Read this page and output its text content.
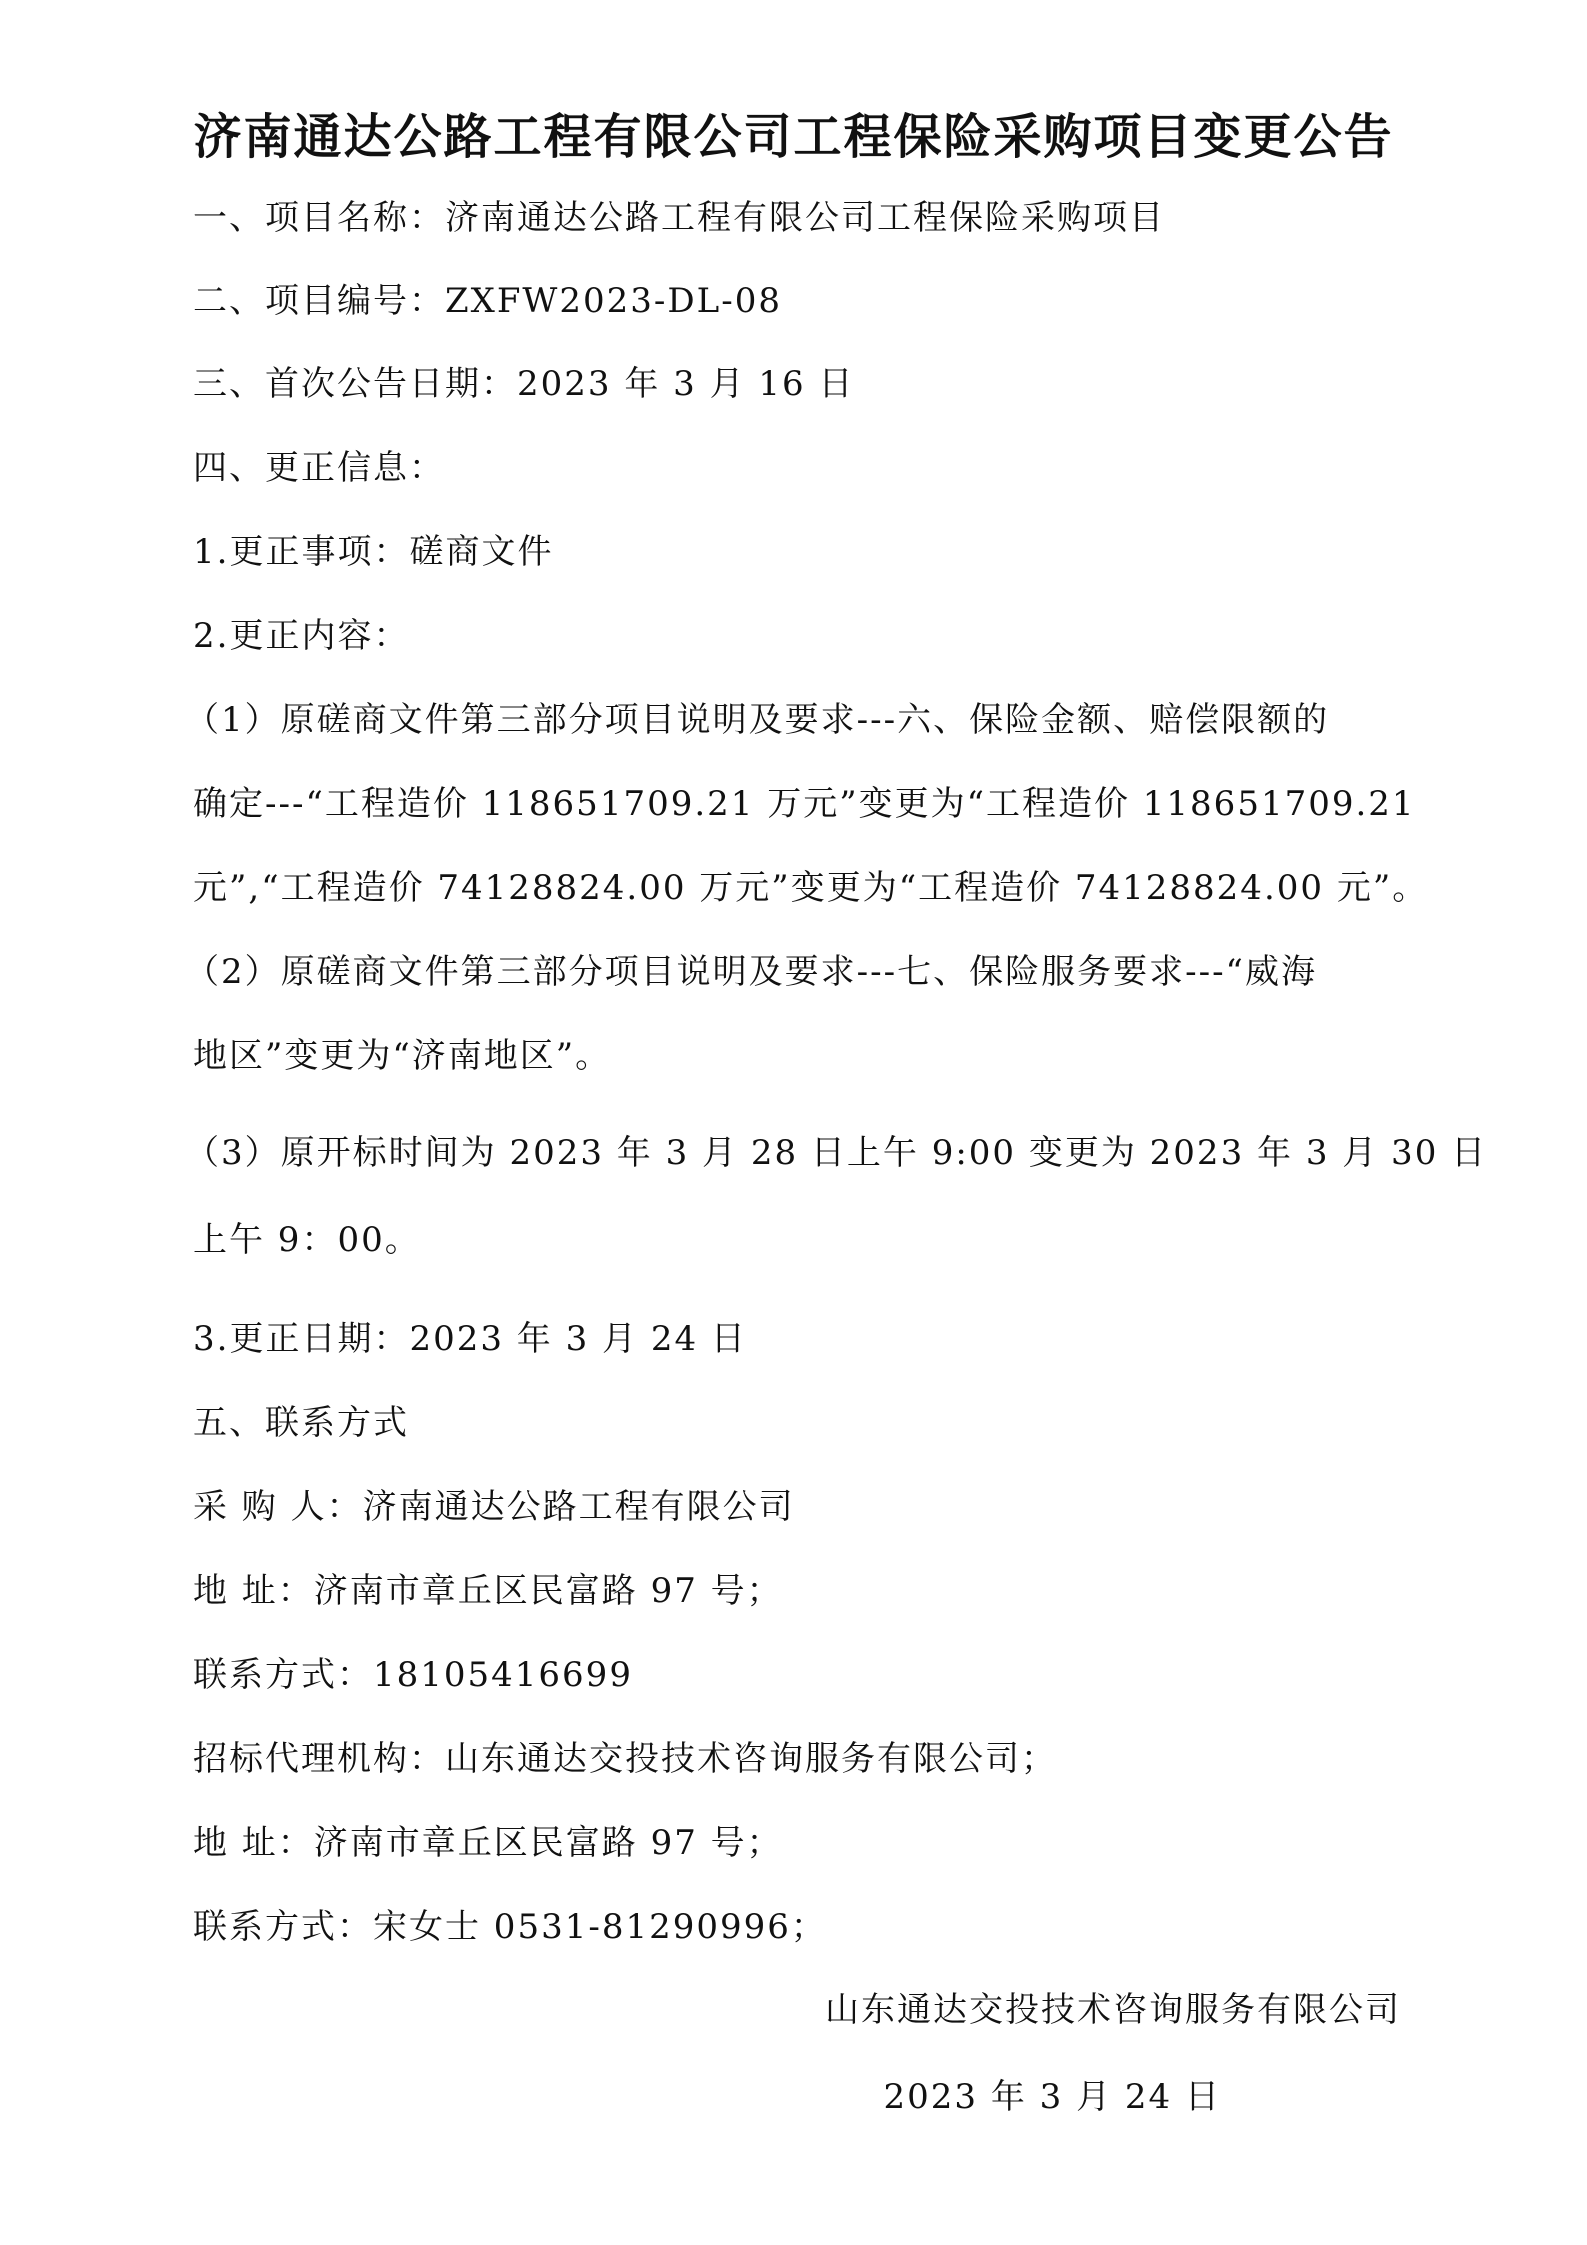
济南通达公路工程有限公司工程保险采购项目变更公告
一、项目名称：济南通达公路工程有限公司工程保险采购项目
二、项目编号：ZXFW2023-DL-08
三、首次公告日期：2023 年 3 月 16 日
四、更正信息：
1.更正事项：磋商文件
2.更正内容：
（1）原磋商文件第三部分项目说明及要求---六、保险金额、赔偿限额的
确定---“工程造价 118651709.21 万元”变更为“工程造价 118651709.21
元”,“工程造价 74128824.00 万元”变更为“工程造价 74128824.00 元”。
（2）原磋商文件第三部分项目说明及要求---七、保险服务要求---“威海
地区”变更为“济南地区”。
（3）原开标时间为 2023 年 3 月 28 日上午 9:00 变更为 2023 年 3 月 30 日
上午 9：00。
3.更正日期：2023 年 3 月 24 日
五、联系方式
采 购 人：济南通达公路工程有限公司
地 址：济南市章丘区民富路 97 号；
联系方式：18105416699
招标代理机构：山东通达交投技术咨询服务有限公司；
地 址：济南市章丘区民富路 97 号；
联系方式：宋女士 0531-81290996；
山东通达交投技术咨询服务有限公司
2023 年 3 月 24 日
